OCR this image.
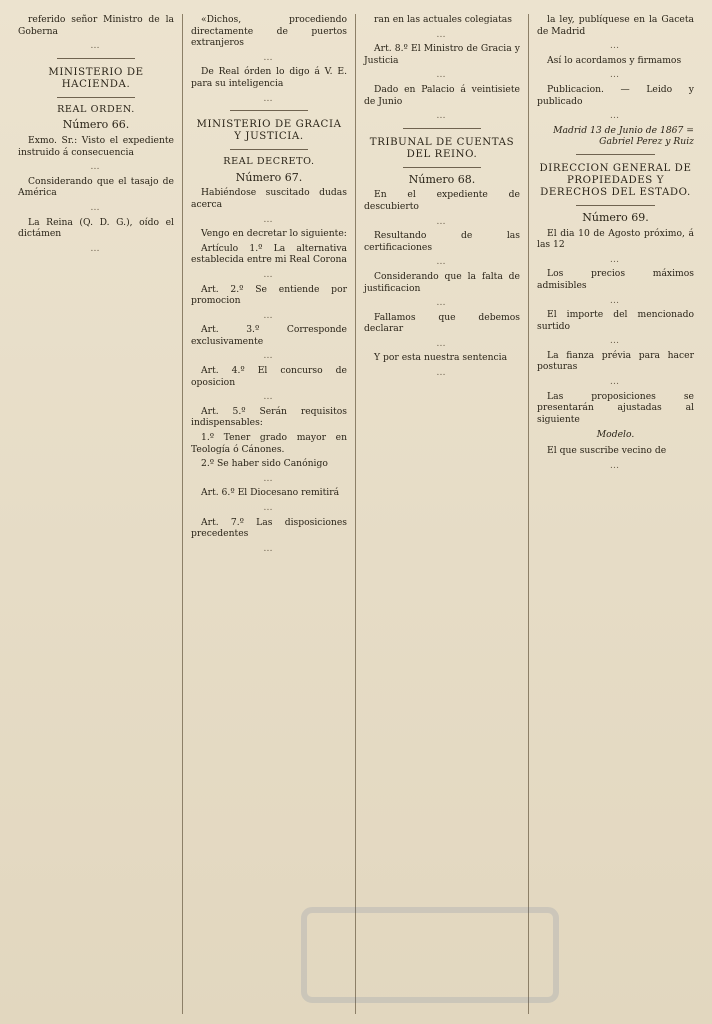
referido señor Ministro de la Goberna

…

MINISTERIO DE HACIENDA.
REAL ORDEN.
Número 66.

Exmo. Sr.: Visto el expediente instruido á consecuencia

…

Considerando que el tasajo de América

…

La Reina (Q. D. G.), oído el dictámen

…

«Dichos, procediendo directamente de puertos extranjeros

…

De Real órden lo digo á V. E. para su inteligencia

…

MINISTERIO DE GRACIA Y JUSTICIA.
REAL DECRETO.
Número 67.

Habiéndose suscitado dudas acerca

…

Vengo en decretar lo siguiente:

Artículo 1.º La alternativa establecida entre mi Real Corona

…

Art. 2.º Se entiende por promocion

…

Art. 3.º Corresponde exclusivamente

…

Art. 4.º El concurso de oposicion

…

Art. 5.º Serán requisitos indispensables:

1.º Tener grado mayor en Teología ó Cánones.

2.º Se haber sido Canónigo

…

Art. 6.º El Diocesano remitirá

…

Art. 7.º Las disposiciones precedentes

…

ran en las actuales colegiatas

…

Art. 8.º El Ministro de Gracia y Justicia

…

Dado en Palacio á veintisiete de Junio

…

TRIBUNAL DE CUENTAS DEL REINO.
Número 68.

En el expediente de descubierto

…

Resultando de las certificaciones

…

Considerando que la falta de justificacion

…

Fallamos que debemos declarar

…

Y por esta nuestra sentencia

…

la ley, publíquese en la Gaceta de Madrid

…

Así lo acordamos y firmamos

…

Publicacion. — Leido y publicado

…

Madrid 13 de Junio de 1867 = Gabriel Perez y Ruiz

DIRECCION GENERAL DE PROPIEDADES Y DERECHOS DEL ESTADO.
Número 69.

El dia 10 de Agosto próximo, á las 12

…

Los precios máximos admisibles

…

El importe del mencionado surtido

…

La fianza prévia para hacer posturas

…

Las proposiciones se presentarán ajustadas al siguiente

Modelo.

El que suscribe vecino de

…
